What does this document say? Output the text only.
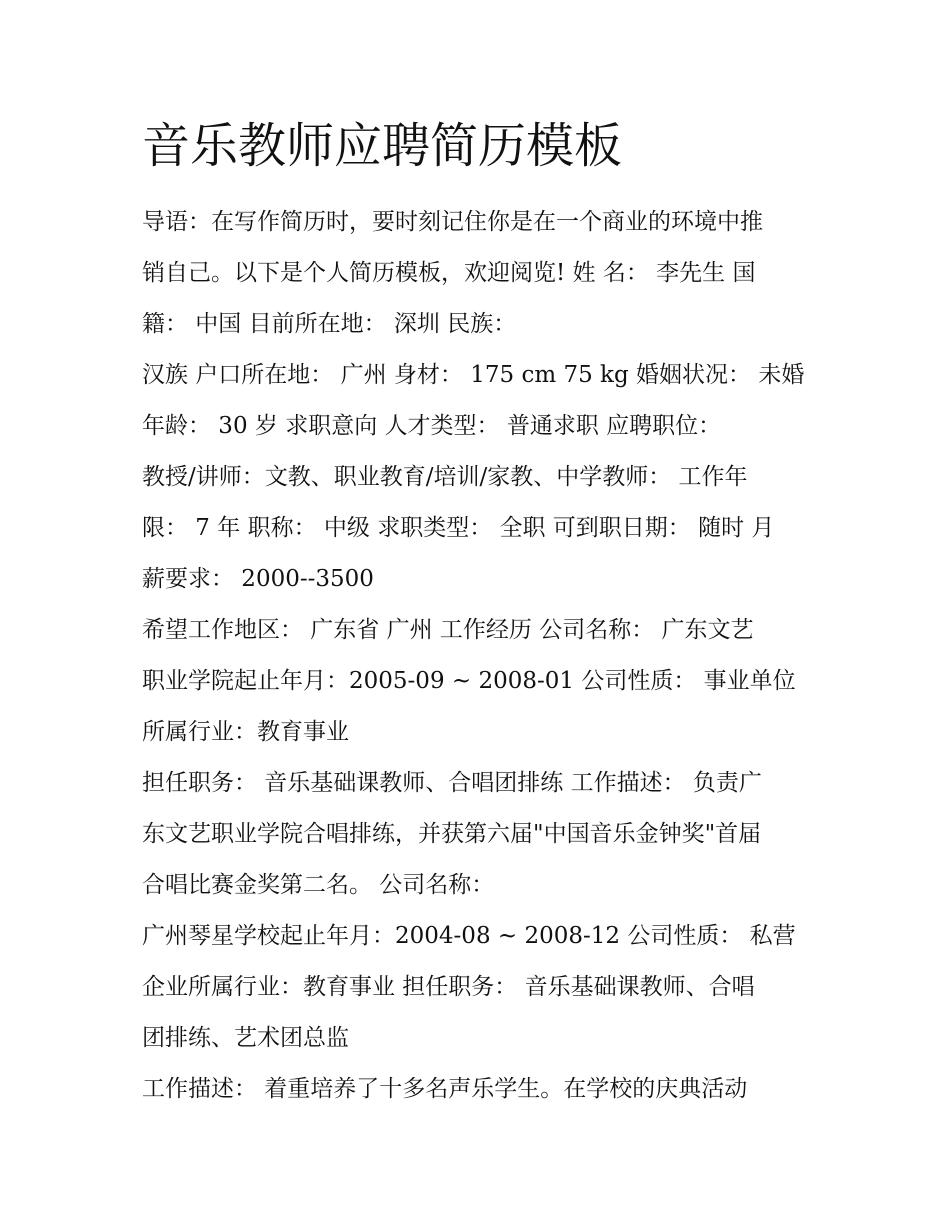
音乐教师应聘简历模板

导语：在写作简历时，要时刻记住你是在一个商业的环境中推

销自己。以下是个人简历模板，欢迎阅览! 姓 名： 李先生 国

籍： 中国 目前所在地： 深圳 民族：

汉族 户口所在地： 广州 身材： 175 cm 75 kg 婚姻状况： 未婚

年龄： 30 岁 求职意向 人才类型： 普通求职 应聘职位：

教授/讲师：文教、职业教育/培训/家教、中学教师： 工作年

限： 7 年 职称： 中级 求职类型： 全职 可到职日期： 随时 月

薪要求： 2000--3500

希望工作地区： 广东省 广州 工作经历 公司名称： 广东文艺

职业学院起止年月：2005-09 ~ 2008-01 公司性质： 事业单位

所属行业：教育事业

担任职务： 音乐基础课教师、合唱团排练 工作描述： 负责广

东文艺职业学院合唱排练，并获第六届"中国音乐金钟奖"首届

合唱比赛金奖第二名。 公司名称：

广州琴星学校起止年月：2004-08 ~ 2008-12 公司性质： 私营

企业所属行业：教育事业 担任职务： 音乐基础课教师、合唱

团排练、艺术团总监

工作描述： 着重培养了十多名声乐学生。在学校的庆典活动
